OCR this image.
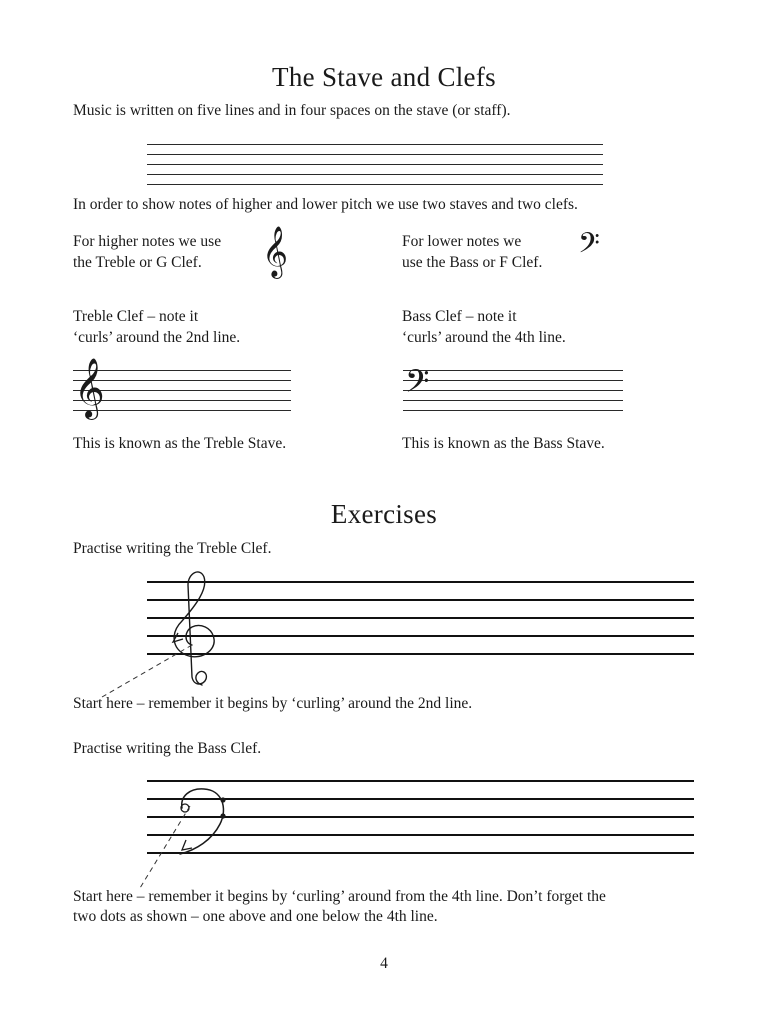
The Stave and Clefs
Music is written on five lines and in four spaces on the stave (or staff).
In order to show notes of higher and lower pitch we use two staves and two clefs.
For higher notes we use
the Treble or G Clef. 𝄞	For lower notes we
use the Bass or F Clef. 𝄢
Treble Clef – note it
‘curls’ around the 2nd line.
Bass Clef – note it
‘curls’ around the 4th line.
𝄞	𝄢
This is known as the Treble Stave.	This is known as the Bass Stave.
Exercises
Practise writing the Treble Clef.
Start here – remember it begins by ‘curling’ around the 2nd line.
Practise writing the Bass Clef.
Start here – remember it begins by ‘curling’ around from the 4th line. Don’t forget the
two dots as shown – one above and one below the 4th line.
4
